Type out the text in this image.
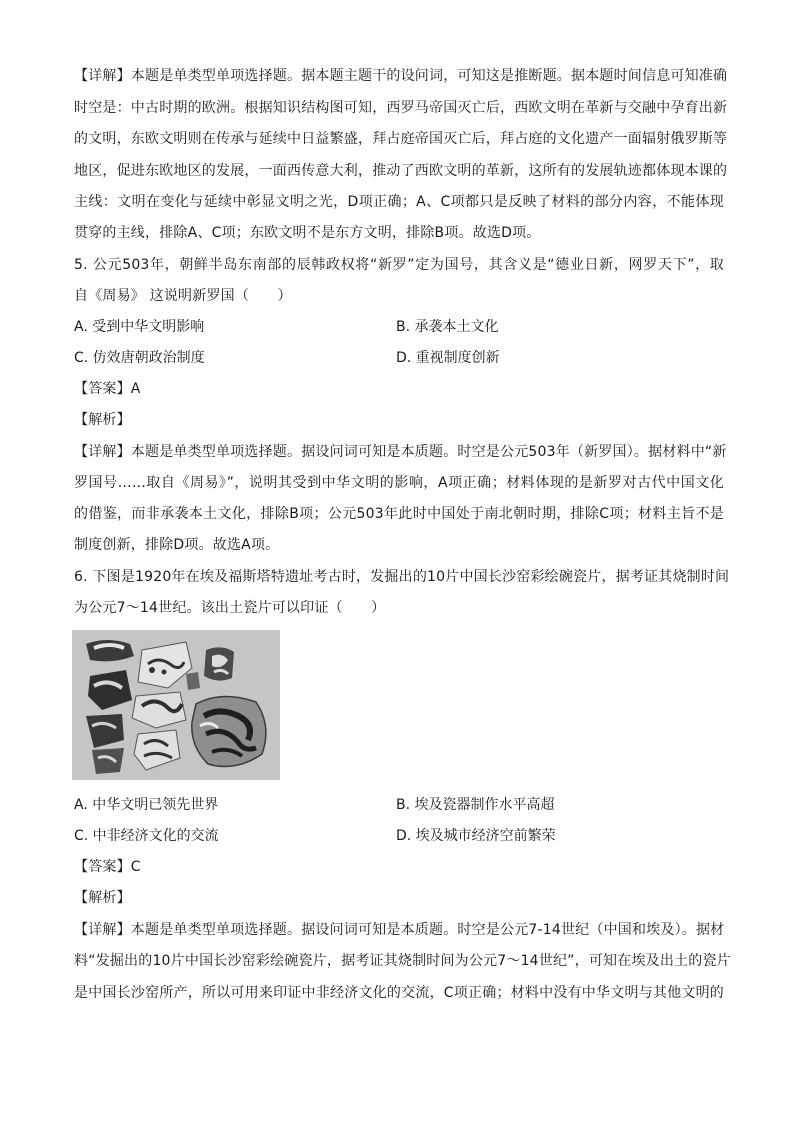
【详解】本题是单类型单项选择题。据本题主题干的设问词，可知这是推断题。据本题时间信息可知准确
时空是：中古时期的欧洲。根据知识结构图可知，西罗马帝国灭亡后，西欧文明在革新与交融中孕育出新
的文明，东欧文明则在传承与延续中日益繁盛，拜占庭帝国灭亡后，拜占庭的文化遗产一面辐射俄罗斯等
地区，促进东欧地区的发展，一面西传意大利，推动了西欧文明的革新，这所有的发展轨迹都体现本课的
主线：文明在变化与延续中彰显文明之光，D项正确；A、C项都只是反映了材料的部分内容，不能体现
贯穿的主线，排除A、C项；东欧文明不是东方文明，排除B项。故选D项。
5. 公元503年，朝鲜半岛东南部的辰韩政权将“新罗”定为国号，其含义是“德业日新，网罗天下”，取
自《周易》 这说明新罗国（　　）
A. 受到中华文明影响	B. 承袭本土文化
C. 仿效唐朝政治制度	D. 重视制度创新
【答案】A
【解析】
【详解】本题是单类型单项选择题。据设问词可知是本质题。时空是公元503年（新罗国）。据材料中“新
罗国号……取自《周易》”，说明其受到中华文明的影响，A项正确；材料体现的是新罗对古代中国文化
的借鉴，而非承袭本土文化，排除B项；公元503年此时中国处于南北朝时期，排除C项；材料主旨不是
制度创新，排除D项。故选A项。
6. 下图是1920年在埃及福斯塔特遗址考古时，发掘出的10片中国长沙窑彩绘碗瓷片，据考证其烧制时间
为公元7～14世纪。该出土瓷片可以印证（　　）
A. 中华文明已领先世界	B. 埃及瓷器制作水平高超
C. 中非经济文化的交流	D. 埃及城市经济空前繁荣
【答案】C
【解析】
【详解】本题是单类型单项选择题。据设问词可知是本质题。时空是公元7-14世纪（中国和埃及）。据材
料“发掘出的10片中国长沙窑彩绘碗瓷片，据考证其烧制时间为公元7～14世纪”，可知在埃及出土的瓷片
是中国长沙窑所产，所以可用来印证中非经济文化的交流，C项正确；材料中没有中华文明与其他文明的
